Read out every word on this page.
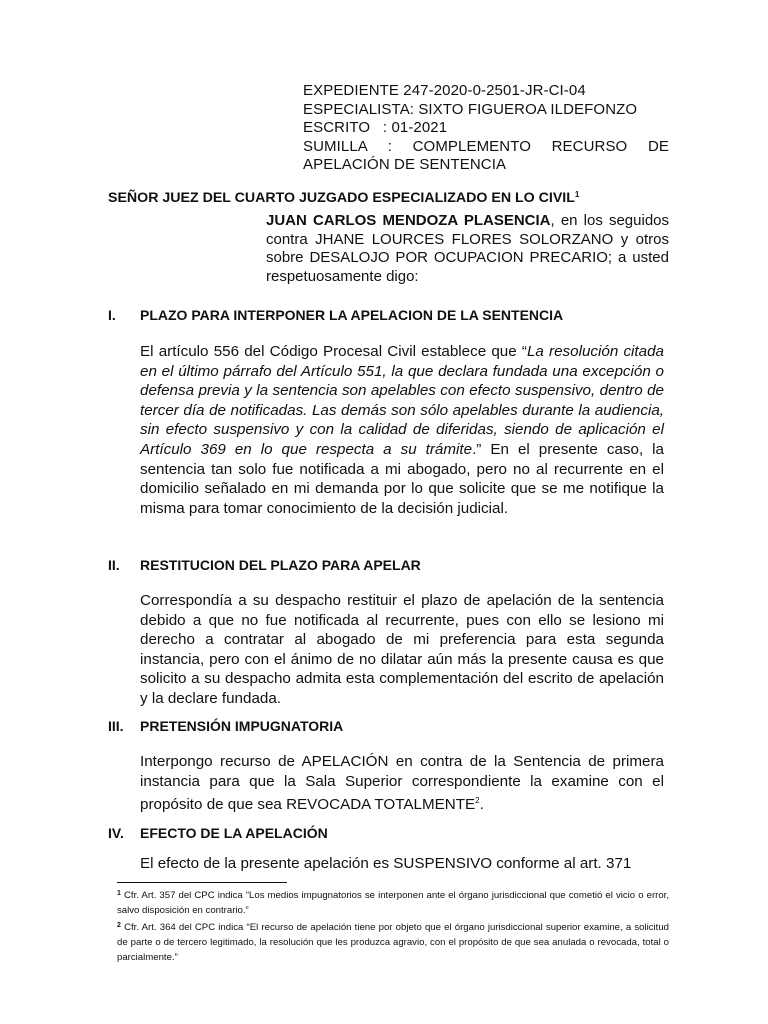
EXPEDIENTE 247-2020-0-2501-JR-CI-04
ESPECIALISTA: SIXTO FIGUEROA ILDEFONZO
ESCRITO   : 01-2021
SUMILLA : COMPLEMENTO RECURSO DE
APELACIÓN DE SENTENCIA
SEÑOR JUEZ DEL CUARTO JUZGADO ESPECIALIZADO EN LO CIVIL$^1$
JUAN CARLOS MENDOZA PLASENCIA, en los seguidos contra JHANE LOURCES FLORES SOLORZANO y otros sobre DESALOJO POR OCUPACION PRECARIO; a usted respetuosamente digo:
I. PLAZO PARA INTERPONER LA APELACION DE LA SENTENCIA
El artículo 556 del Código Procesal Civil establece que “La resolución citada en el último párrafo del Artículo 551, la que declara fundada una excepción o defensa previa y la sentencia son apelables con efecto suspensivo, dentro de tercer día de notificadas. Las demás son sólo apelables durante la audiencia, sin efecto suspensivo y con la calidad de diferidas, siendo de aplicación el Artículo 369 en lo que respecta a su trámite.” En el presente caso, la sentencia tan solo fue notificada a mi abogado, pero no al recurrente en el domicilio señalado en mi demanda por lo que solicite que se me notifique la misma para tomar conocimiento de la decisión judicial.
II. RESTITUCION DEL PLAZO PARA APELAR
Correspondía a su despacho restituir el plazo de apelación de la sentencia debido a que no fue notificada al recurrente, pues con ello se lesiono mi derecho a contratar al abogado de mi preferencia para esta segunda instancia, pero con el ánimo de no dilatar aún más la presente causa es que solicito a su despacho admita esta complementación del escrito de apelación y la declare fundada.
III. PRETENSIÓN IMPUGNATORIA
Interpongo recurso de APELACIÓN en contra de la Sentencia de primera instancia para que la Sala Superior correspondiente la examine con el propósito de que sea REVOCADA TOTALMENTE$^2$.
IV. EFECTO DE LA APELACIÓN
El efecto de la presente apelación es SUSPENSIVO conforme al art. 371
$^1$ Cfr. Art. 357 del CPC indica “Los medios impugnatorios se interponen ante el órgano jurisdiccional que cometió el vicio o error, salvo disposición en contrario.”
$^2$ Cfr. Art. 364 del CPC indica “El recurso de apelación tiene por objeto que el órgano jurisdiccional superior examine, a solicitud de parte o de tercero legitimado, la resolución que les produzca agravio, con el propósito de que sea anulada o revocada, total o parcialmente.”
